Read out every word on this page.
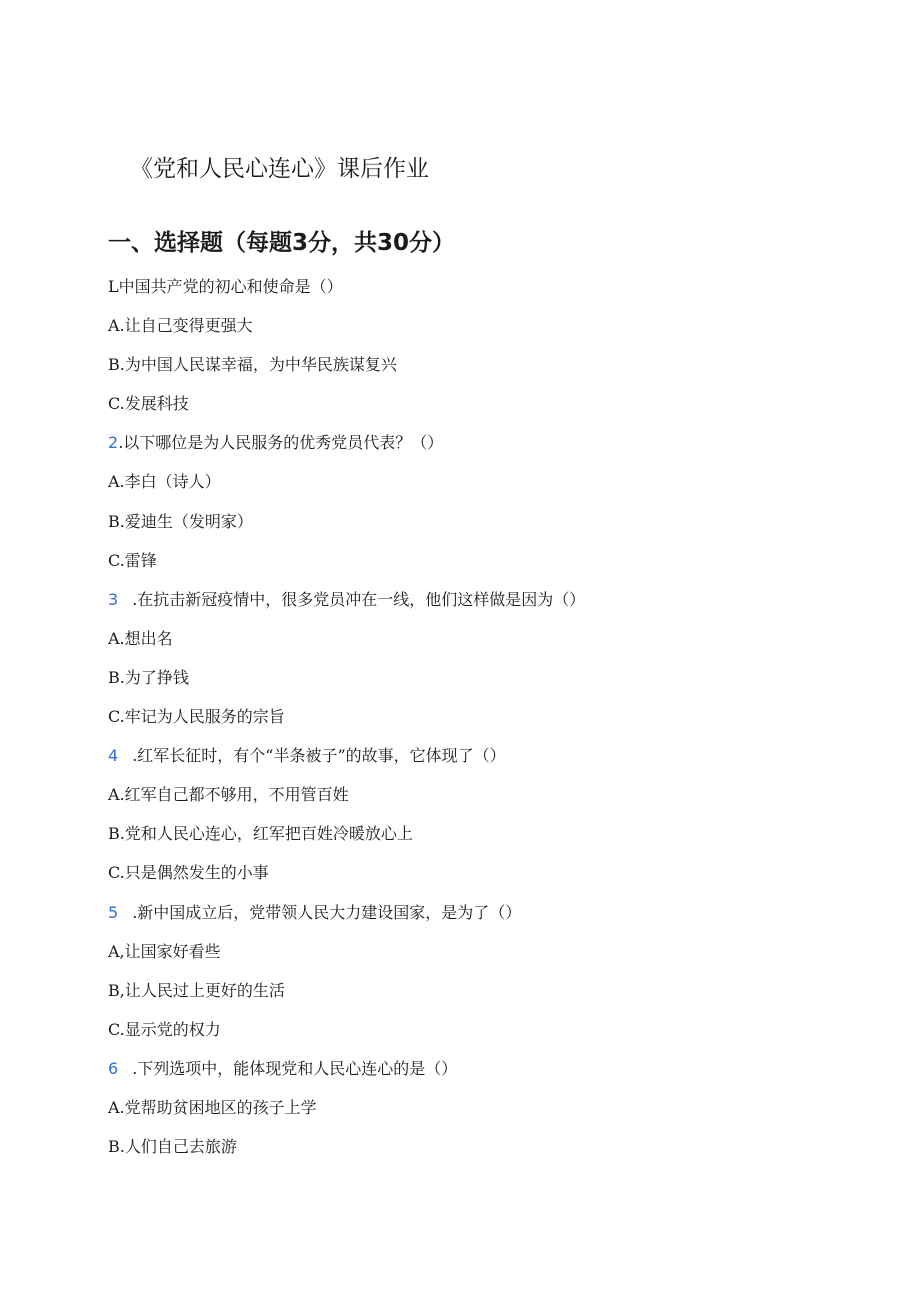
《党和人民心连心》课后作业
一、选择题（每题3分，共30分）
L中国共产党的初心和使命是（）
A.让自己变得更强大
B.为中国人民谋幸福，为中华民族谋复兴
C.发展科技
2.以下哪位是为人民服务的优秀党员代表？（）
A.李白（诗人）
B.爱迪生（发明家）
C.雷锋
3 .在抗击新冠疫情中，很多党员冲在一线，他们这样做是因为（）
A.想出名
B.为了挣钱
C.牢记为人民服务的宗旨
4 .红军长征时，有个“半条被子”的故事，它体现了（）
A.红军自己都不够用，不用管百姓
B.党和人民心连心，红军把百姓冷暖放心上
C.只是偶然发生的小事
5 .新中国成立后，党带领人民大力建设国家，是为了（）
A,让国家好看些
B,让人民过上更好的生活
C.显示党的权力
6 .下列选项中，能体现党和人民心连心的是（）
A.党帮助贫困地区的孩子上学
B.人们自己去旅游
